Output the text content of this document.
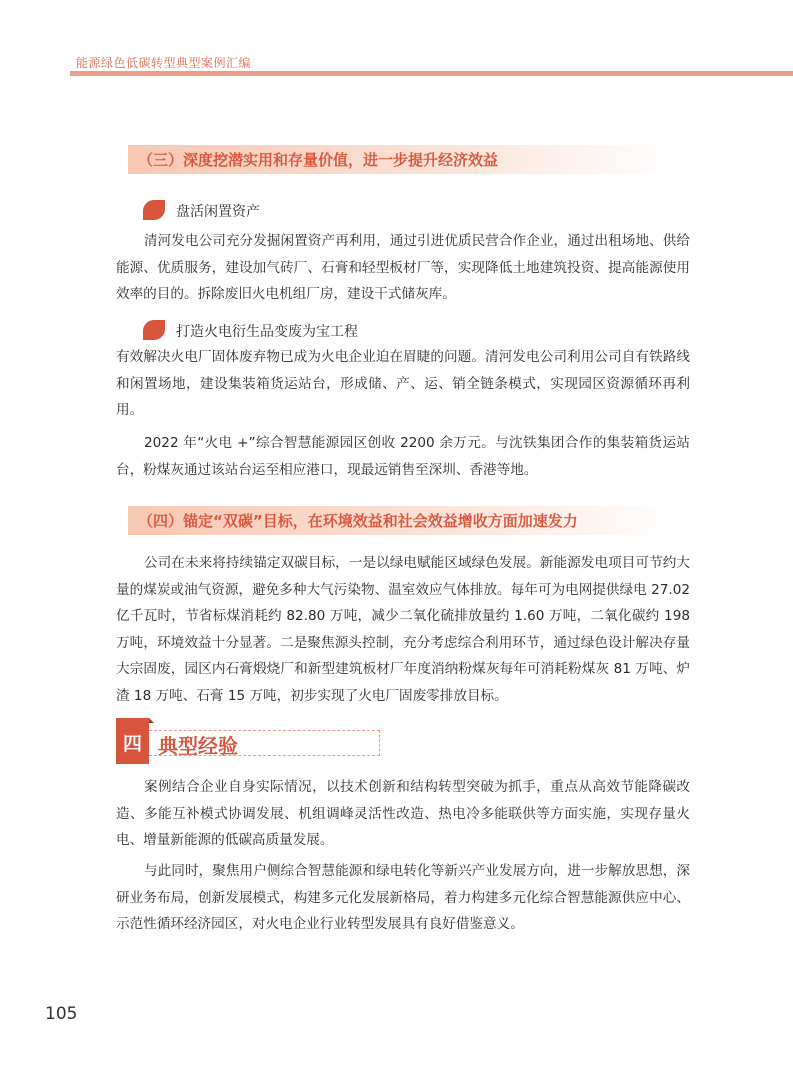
能源绿色低碳转型典型案例汇编
（三）深度挖潜实用和存量价值，进一步提升经济效益
盘活闲置资产

清河发电公司充分发掘闲置资产再利用，通过引进优质民营合作企业，通过出租场地、供给能源、优质服务，建设加气砖厂、石膏和轻型板材厂等，实现降低土地建筑投资、提高能源使用效率的目的。拆除废旧火电机组厂房，建设干式储灰库。

打造火电衍生品变废为宝工程

有效解决火电厂固体废弃物已成为火电企业迫在眉睫的问题。清河发电公司利用公司自有铁路线和闲置场地，建设集装箱货运站台，形成储、产、运、销全链条模式，实现园区资源循环再利用。

2022 年“火电 +”综合智慧能源园区创收 2200 余万元。与沈铁集团合作的集装箱货运站台，粉煤灰通过该站台运至相应港口，现最远销售至深圳、香港等地。

（四）锚定“双碳”目标，在环境效益和社会效益增收方面加速发力

公司在未来将持续锚定双碳目标，一是以绿电赋能区域绿色发展。新能源发电项目可节约大量的煤炭或油气资源，避免多种大气污染物、温室效应气体排放。每年可为电网提供绿电 27.02 亿千瓦时，节省标煤消耗约 82.80 万吨，减少二氧化硫排放量约 1.60 万吨，二氧化碳约 198 万吨，环境效益十分显著。二是聚焦源头控制，充分考虑综合利用环节，通过绿色设计解决存量大宗固废，园区内石膏煅烧厂和新型建筑板材厂年度消纳粉煤灰每年可消耗粉煤灰 81 万吨、炉渣 18 万吨、石膏 15 万吨，初步实现了火电厂固废零排放目标。

四 典型经验

案例结合企业自身实际情况，以技术创新和结构转型突破为抓手，重点从高效节能降碳改造、多能互补模式协调发展、机组调峰灵活性改造、热电冷多能联供等方面实施，实现存量火电、增量新能源的低碳高质量发展。

与此同时，聚焦用户侧综合智慧能源和绿电转化等新兴产业发展方向，进一步解放思想，深研业务布局，创新发展模式，构建多元化发展新格局，着力构建多元化综合智慧能源供应中心、示范性循环经济园区，对火电企业行业转型发展具有良好借鉴意义。

105
